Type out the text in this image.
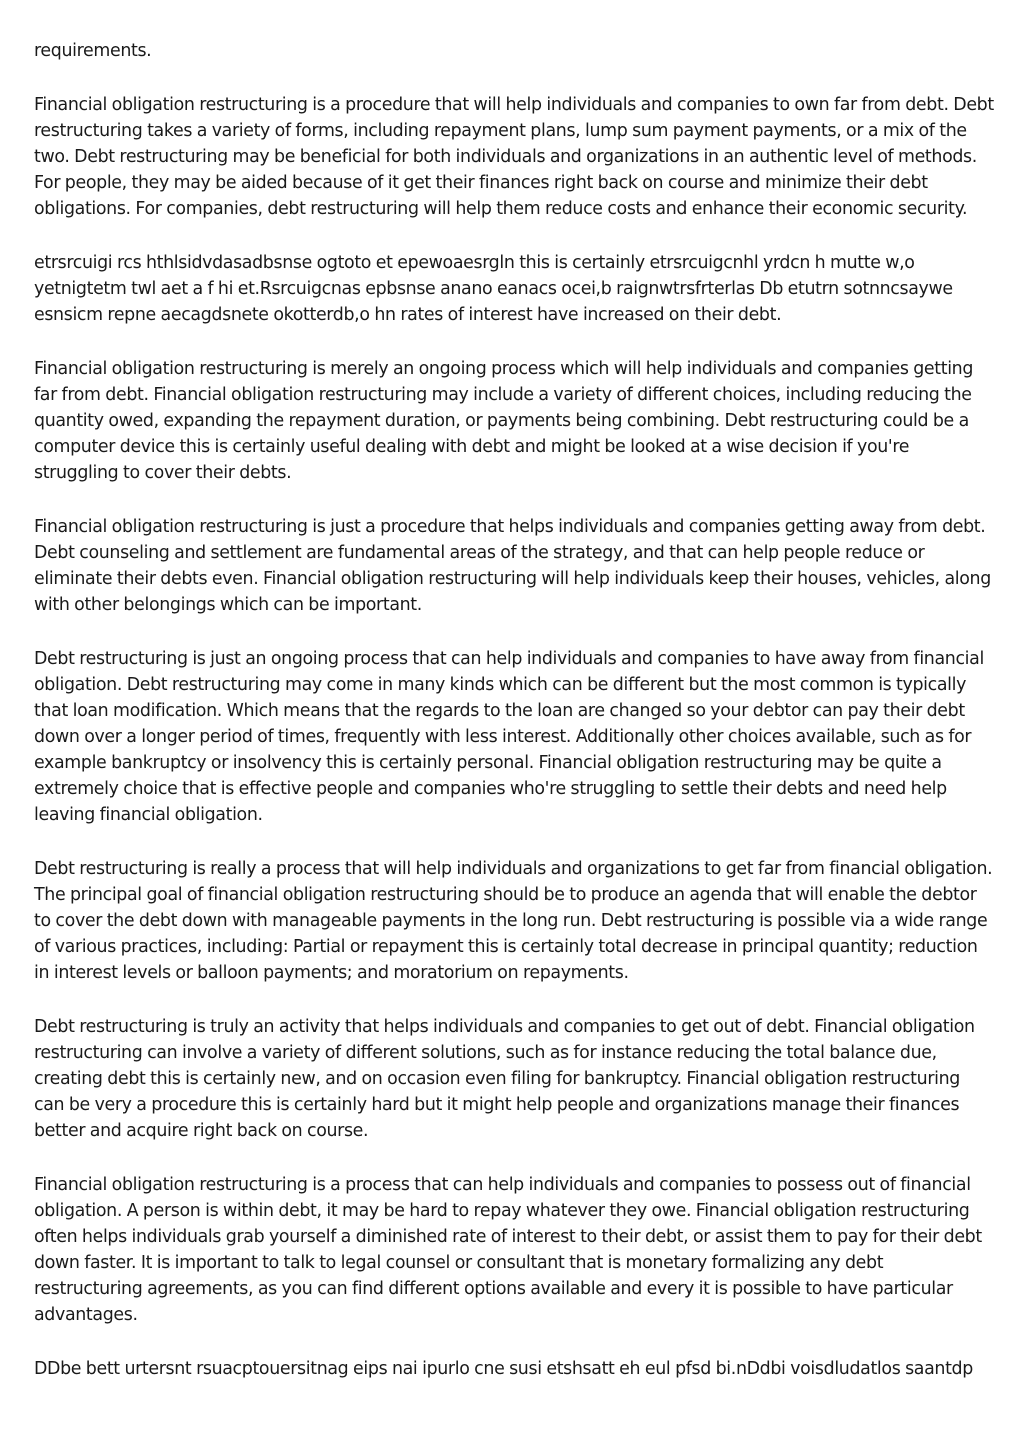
requirements.

Financial obligation restructuring is a procedure that will help individuals and companies to own far from debt. Debt restructuring takes a variety of forms, including repayment plans, lump sum payment payments, or a mix of the two. Debt restructuring may be beneficial for both individuals and organizations in an authentic level of methods. For people, they may be aided because of it get their finances right back on course and minimize their debt obligations. For companies, debt restructuring will help them reduce costs and enhance their economic security.

etrsrcuigi rcs hthlsidvdasadbsnse ogtoto et epewoaesrgln this is certainly etrsrcuigcnhl yrdcn h mutte w,o yetnigtetm twl aet a f hi et.Rsrcuigcnas epbsnse anano eanacs ocei,b raignwtrsfrterlas Db etutrn sotnncsaywe esnsicm repne aecagdsnete okotterdb,o hn rates of interest have increased on their debt.

Financial obligation restructuring is merely an ongoing process which will help individuals and companies getting far from debt. Financial obligation restructuring may include a variety of different choices, including reducing the quantity owed, expanding the repayment duration, or payments being combining. Debt restructuring could be a computer device this is certainly useful dealing with debt and might be looked at a wise decision if you're struggling to cover their debts.

Financial obligation restructuring is just a procedure that helps individuals and companies getting away from debt. Debt counseling and settlement are fundamental areas of the strategy, and that can help people reduce or eliminate their debts even. Financial obligation restructuring will help individuals keep their houses, vehicles, along with other belongings which can be important.

Debt restructuring is just an ongoing process that can help individuals and companies to have away from financial obligation. Debt restructuring may come in many kinds which can be different but the most common is typically that loan modification. Which means that the regards to the loan are changed so your debtor can pay their debt down over a longer period of times, frequently with less interest. Additionally other choices available, such as for example bankruptcy or insolvency this is certainly personal. Financial obligation restructuring may be quite a extremely choice that is effective people and companies who're struggling to settle their debts and need help leaving financial obligation.

Debt restructuring is really a process that will help individuals and organizations to get far from financial obligation. The principal goal of financial obligation restructuring should be to produce an agenda that will enable the debtor to cover the debt down with manageable payments in the long run. Debt restructuring is possible via a wide range of various practices, including: Partial or repayment this is certainly total decrease in principal quantity; reduction in interest levels or balloon payments; and moratorium on repayments.

Debt restructuring is truly an activity that helps individuals and companies to get out of debt. Financial obligation restructuring can involve a variety of different solutions, such as for instance reducing the total balance due, creating debt this is certainly new, and on occasion even filing for bankruptcy. Financial obligation restructuring can be very a procedure this is certainly hard but it might help people and organizations manage their finances better and acquire right back on course.

Financial obligation restructuring is a process that can help individuals and companies to possess out of financial obligation. A person is within debt, it may be hard to repay whatever they owe. Financial obligation restructuring often helps individuals grab yourself a diminished rate of interest to their debt, or assist them to pay for their debt down faster. It is important to talk to legal counsel or consultant that is monetary formalizing any debt restructuring agreements, as you can find different options available and every it is possible to have particular advantages.

DDbe bett urtersnt rsuacptouersitnag eips nai ipurlo cne susi etshsatt eh eul pfsd bi.nDdbi voisdludatlos saantdp
